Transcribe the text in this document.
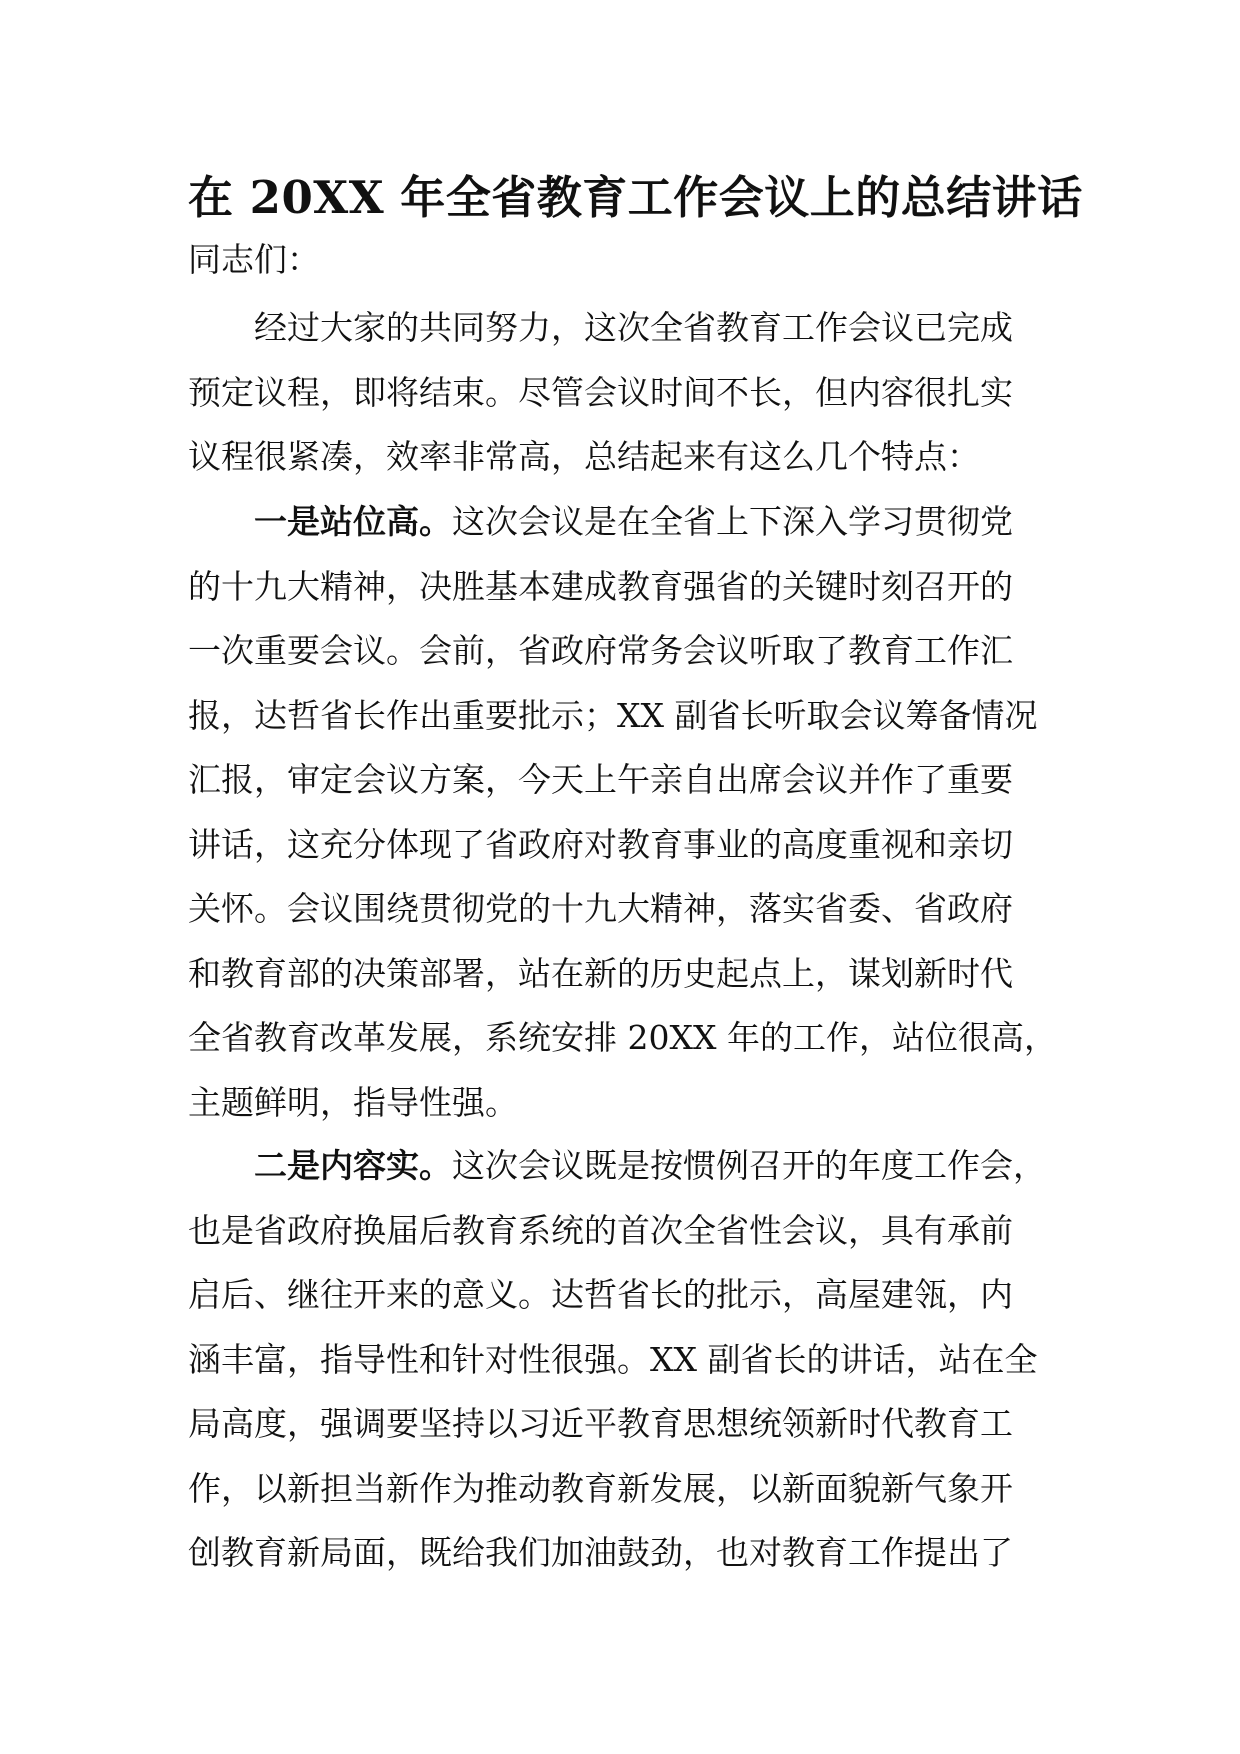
在 20XX 年全省教育工作会议上的总结讲话

同志们：

经过大家的共同努力，这次全省教育工作会议已完成
预定议程，即将结束。尽管会议时间不长，但内容很扎实
议程很紧凑，效率非常高，总结起来有这么几个特点：
一是站位高。这次会议是在全省上下深入学习贯彻党
的十九大精神，决胜基本建成教育强省的关键时刻召开的
一次重要会议。会前，省政府常务会议听取了教育工作汇
报，达哲省长作出重要批示；XX 副省长听取会议筹备情况
汇报，审定会议方案，今天上午亲自出席会议并作了重要
讲话，这充分体现了省政府对教育事业的高度重视和亲切
关怀。会议围绕贯彻党的十九大精神，落实省委、省政府
和教育部的决策部署，站在新的历史起点上，谋划新时代
全省教育改革发展，系统安排 20XX 年的工作，站位很高，
主题鲜明，指导性强。
二是内容实。这次会议既是按惯例召开的年度工作会，
也是省政府换届后教育系统的首次全省性会议，具有承前
启后、继往开来的意义。达哲省长的批示，高屋建瓴，内
涵丰富，指导性和针对性很强。XX 副省长的讲话，站在全
局高度，强调要坚持以习近平教育思想统领新时代教育工
作，以新担当新作为推动教育新发展，以新面貌新气象开
创教育新局面，既给我们加油鼓劲，也对教育工作提出了
